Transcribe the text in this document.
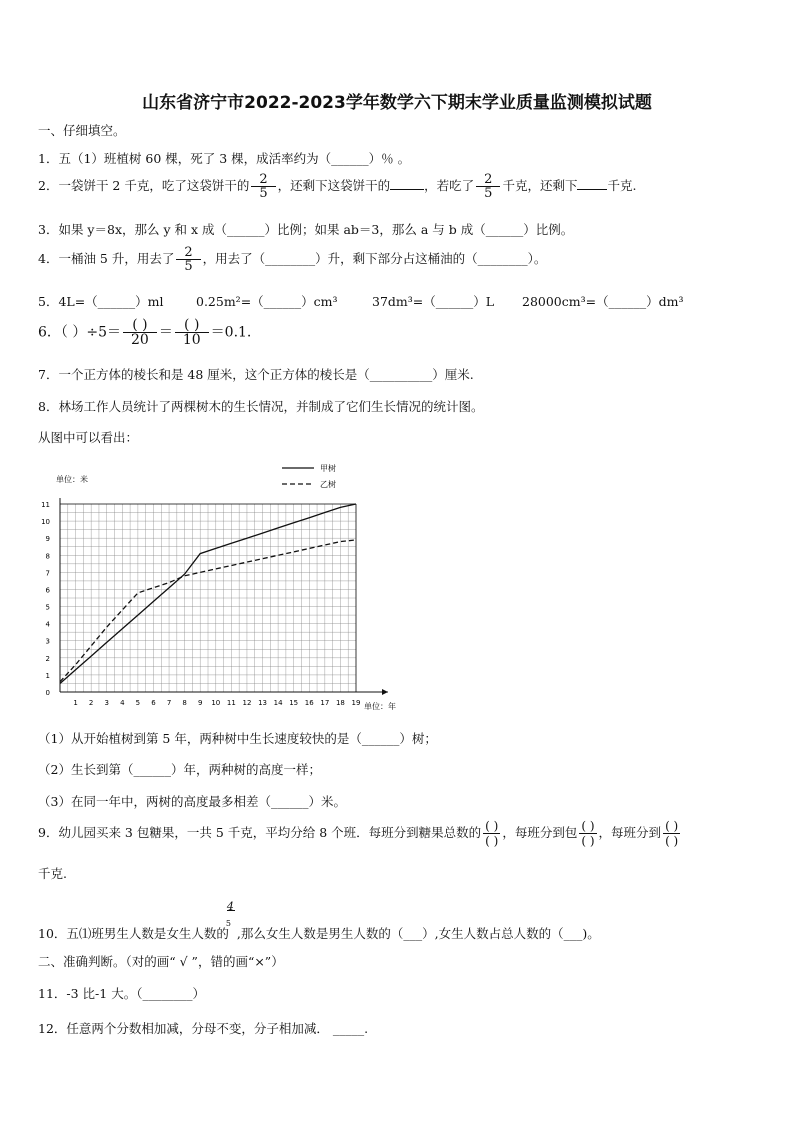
山东省济宁市2022-2023学年数学六下期末学业质量监测模拟试题
一、仔细填空。
1．五（1）班植树 60 棵，死了 3 棵，成活率约为（______）％ 。
2．一袋饼干 2 千克，吃了这袋饼干的 $\frac{2}{5}$ ，还剩下这袋饼干的	，若吃了 $\frac{2}{5}$ 千克，还剩下 千克.
3．如果 y＝8x，那么 y 和 x 成（______）比例；如果 ab＝3，那么 a 与 b 成（______）比例。
4．一桶油 5 升，用去了 $\frac{2}{5}$ ，用去了（________）升，剩下部分占这桶油的（________）。
5．4L=（______）ml	0.25m²=（______）cm³	37dm³=（______）L 28000cm³=（______）dm³
6．（ ）$\div 5= \frac{( )}{20} = \frac{( )}{10} =0.1$.
7．一个正方体的棱长和是 48 厘米，这个正方体的棱长是（__________）厘米.
8．林场工作人员统计了两棵树木的生长情况，并制成了它们生长情况的统计图。
从图中可以看出：
0
1
2
3
4
5
6
7
8
9
10
11
1 2 3 4 5 6 7 8 9 10 11 12 13 14 15 16 17 18 19
甲树
乙树
单位：米
单位：年
（1）从开始植树到第 5 年，两种树中生长速度较快的是（______）树；
（2）生长到第（______）年，两种树的高度一样；
（3）在同一年中，两树的高度最多相差（______）米。
9．幼儿园买来 3 包糖果，一共 5 千克，平均分给 8 个班．每班分到糖果总数的 $\frac{( )}{( )}$ ，每班分到包 $\frac{( )}{( )}$ ，每班分到 $\frac{( )}{( )}$
千克.
10．五⑴班男生人数是女生人数的
4
5
,那么女生人数是男生人数的（___）,女生人数占总人数的（___)。
二、准确判断。（对的画“ √ ”，错的画“×”）
11．-3 比-1 大。（________）
12．任意两个分数相加减，分母不变，分子相加减． _____.
